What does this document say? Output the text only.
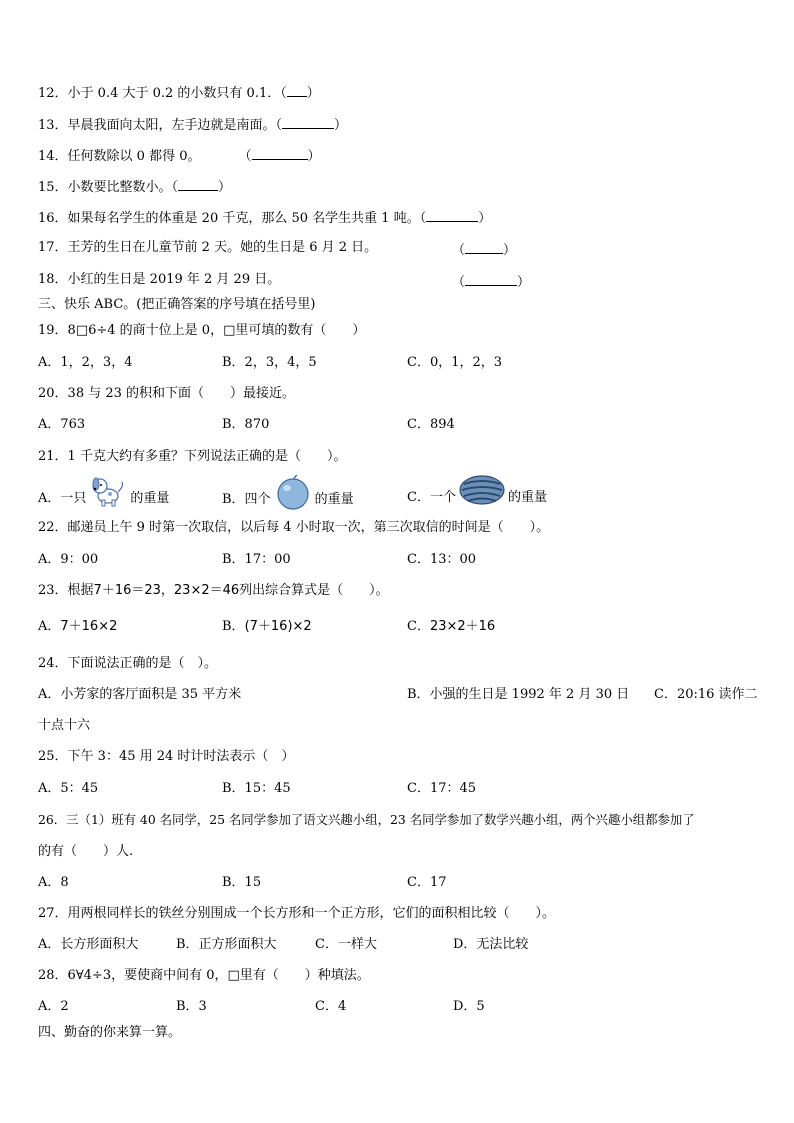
12．小于 0.4 大于 0.2 的小数只有 0.1．（ ）
13．早晨我面向太阳，左手边就是南面。（	）
14．任何数除以 0 都得 0。	（	）
15．小数要比整数小。（	）
16．如果每名学生的体重是 20 千克，那么 50 名学生共重 1 吨。（	）
17．王芳的生日在儿童节前 2 天。她的生日是 6 月 2 日。	（	）
18．小红的生日是 2019 年 2 月 29 日。	（	）
三、快乐 ABC。(把正确答案的序号填在括号里)
19．8□6÷4 的商十位上是 0，□里可填的数有（　　）
A．1，2，3，4	B．2，3，4，5	C．0，1，2，3
20．38 与 23 的积和下面（　　）最接近。
A．763	B．870	C．894
21．1 千克大约有多重？下列说法正确的是（　　）。
A．一只	的重量	B．四个	的重量	C．一个	的重量
22．邮递员上午 9 时第一次取信，以后每 4 小时取一次，第三次取信的时间是（　　）。
A．9：00	B．17：00	C．13：00
23．根据7＋16＝23，23×2＝46列出综合算式是（　　）。
A．7＋16×2	B．(7＋16)×2	C．23×2＋16
24．下面说法正确的是（　）。
A．小芳家的客厅面积是 35 平方米	B．小强的生日是 1992 年 2 月 30 日 C．20:16 读作二
十点十六
25．下午 3：45 用 24 时计时法表示（　）
A．5：45	B．15：45	C．17：45
26．三（1）班有 40 名同学，25 名同学参加了语文兴趣小组，23 名同学参加了数学兴趣小组，两个兴趣小组都参加了
的有（　　）人.
A．8	B．15	C．17
27．用两根同样长的铁丝分别围成一个长方形和一个正方形，它们的面积相比较（　　）。
A．长方形面积大	B．正方形面积大	C．一样大	D．无法比较
28．6∀4÷3，要使商中间有 0，□里有（　　）种填法。
A．2	B．3	C．4	D．5
四、勤奋的你来算一算。
